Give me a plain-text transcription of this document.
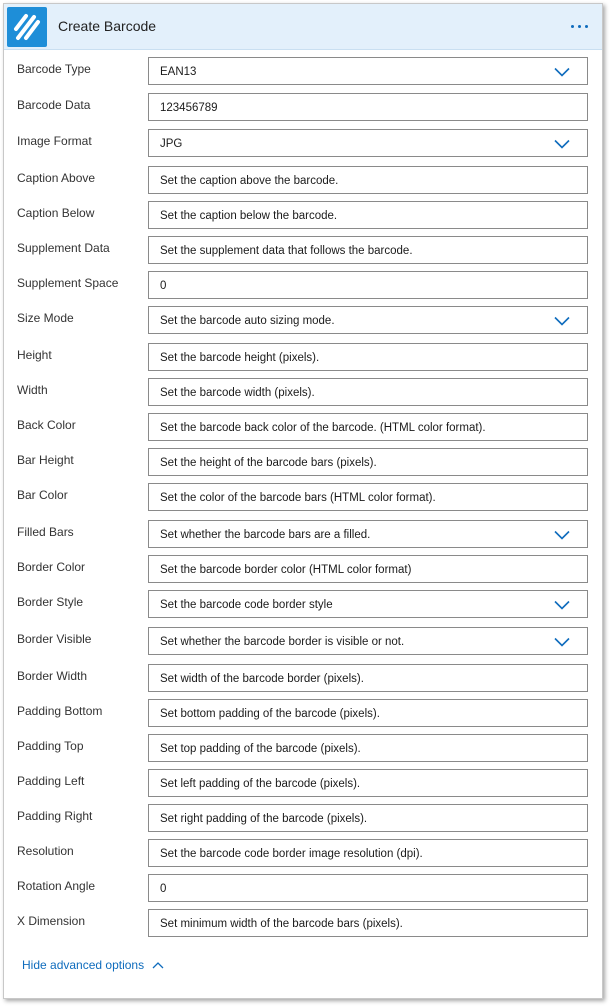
Create Barcode
Barcode Type	EAN13
Barcode Data	123456789
Image Format	JPG
Caption Above	Set the caption above the barcode.
Caption Below	Set the caption below the barcode.
Supplement Data	Set the supplement data that follows the barcode.
Supplement Space	0
Size Mode	Set the barcode auto sizing mode.
Height	Set the barcode height (pixels).
Width	Set the barcode width (pixels).
Back Color	Set the barcode back color of the barcode. (HTML color format).
Bar Height	Set the height of the barcode bars (pixels).
Bar Color	Set the color of the barcode bars (HTML color format).
Filled Bars	Set whether the barcode bars are a filled.
Border Color	Set the barcode border color (HTML color format)
Border Style	Set the barcode code border style
Border Visible	Set whether the barcode border is visible or not.
Border Width	Set width of the barcode border (pixels).
Padding Bottom	Set bottom padding of the barcode (pixels).
Padding Top	Set top padding of the barcode (pixels).
Padding Left	Set left padding of the barcode (pixels).
Padding Right	Set right padding of the barcode (pixels).
Resolution	Set the barcode code border image resolution (dpi).
Rotation Angle	0
X Dimension	Set minimum width of the barcode bars (pixels).
Hide advanced options
